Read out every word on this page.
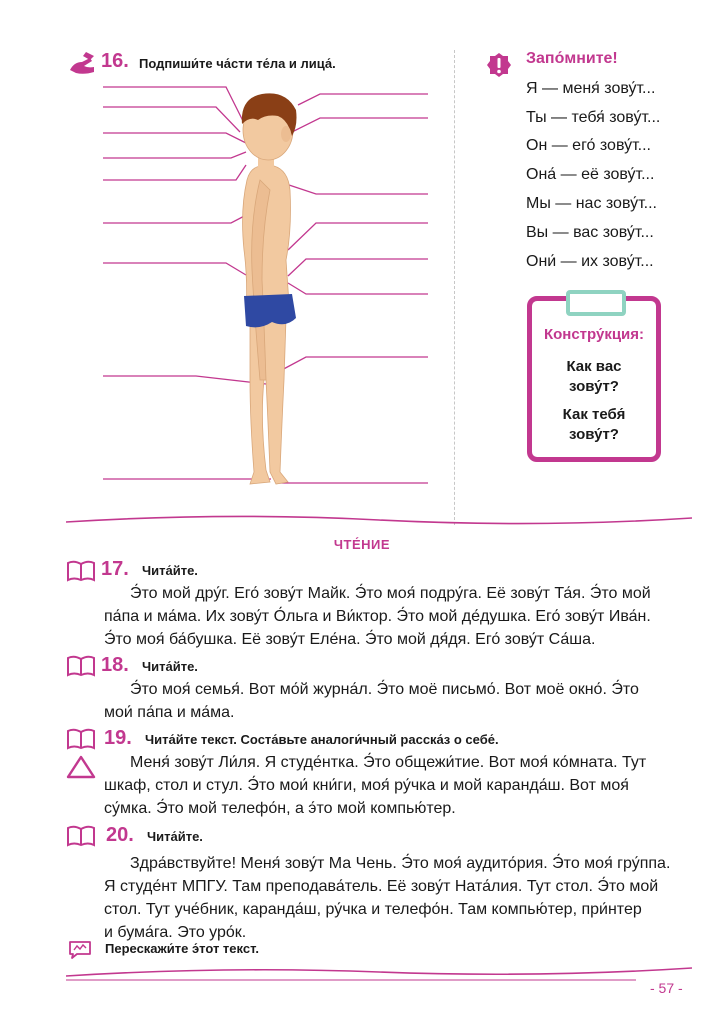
16. Подпиши́те ча́сти те́ла и лица́.	Запо́мните!
Я — меня́ зову́т...
Ты — тебя́ зову́т...
Он — его́ зову́т...
Она́ — её зову́т...
Мы — нас зову́т...
Вы — вас зову́т...
Они́ — их зову́т...
Констру́кция:
Как вас
зову́т?
Как тебя́
зову́т?
ЧТЕ́НИЕ
17. Чита́йте.
Э́то мой дру́г. Его́ зову́т Майк. Э́то моя́ подру́га. Её зову́т Та́я. Э́то мой
па́па и ма́ма. Их зову́т О́льга и Ви́ктор. Э́то мой де́душка. Его́ зову́т Ива́н.
Э́то моя́ ба́бушка. Её зову́т Еле́на. Э́то мой дя́дя. Его́ зову́т Са́ша.
18. Чита́йте.
Э́то моя́ семья́. Вот мо́й журна́л. Э́то моё письмо́. Вот моё окно́. Э́то
мои́ па́па и ма́ма.
19. Чита́йте текст. Соста́вьте аналоги́чный расска́з о себе́.
Меня́ зову́т Ли́ля. Я студе́нтка. Э́то общежи́тие. Вот моя́ ко́мната. Тут
шкаф, стол и стул. Э́то мои́ кни́ги, моя́ ру́чка и мой каранда́ш. Вот моя́
су́мка. Э́то мой телефо́н, а э́то мой компью́тер.
20. Чита́йте.
Здра́вствуйте! Меня́ зову́т Ма Чень. Э́то моя́ аудито́рия. Э́то моя́ гру́ппа.
Я студе́нт МПГУ. Там преподава́тель. Её зову́т Ната́лия. Тут стол. Э́то мой
стол. Тут уче́бник, каранда́ш, ру́чка и телефо́н. Там компью́тер, при́нтер
и бума́га. Это уро́к.
Перескажи́те э́тот текст.
- 57 -
